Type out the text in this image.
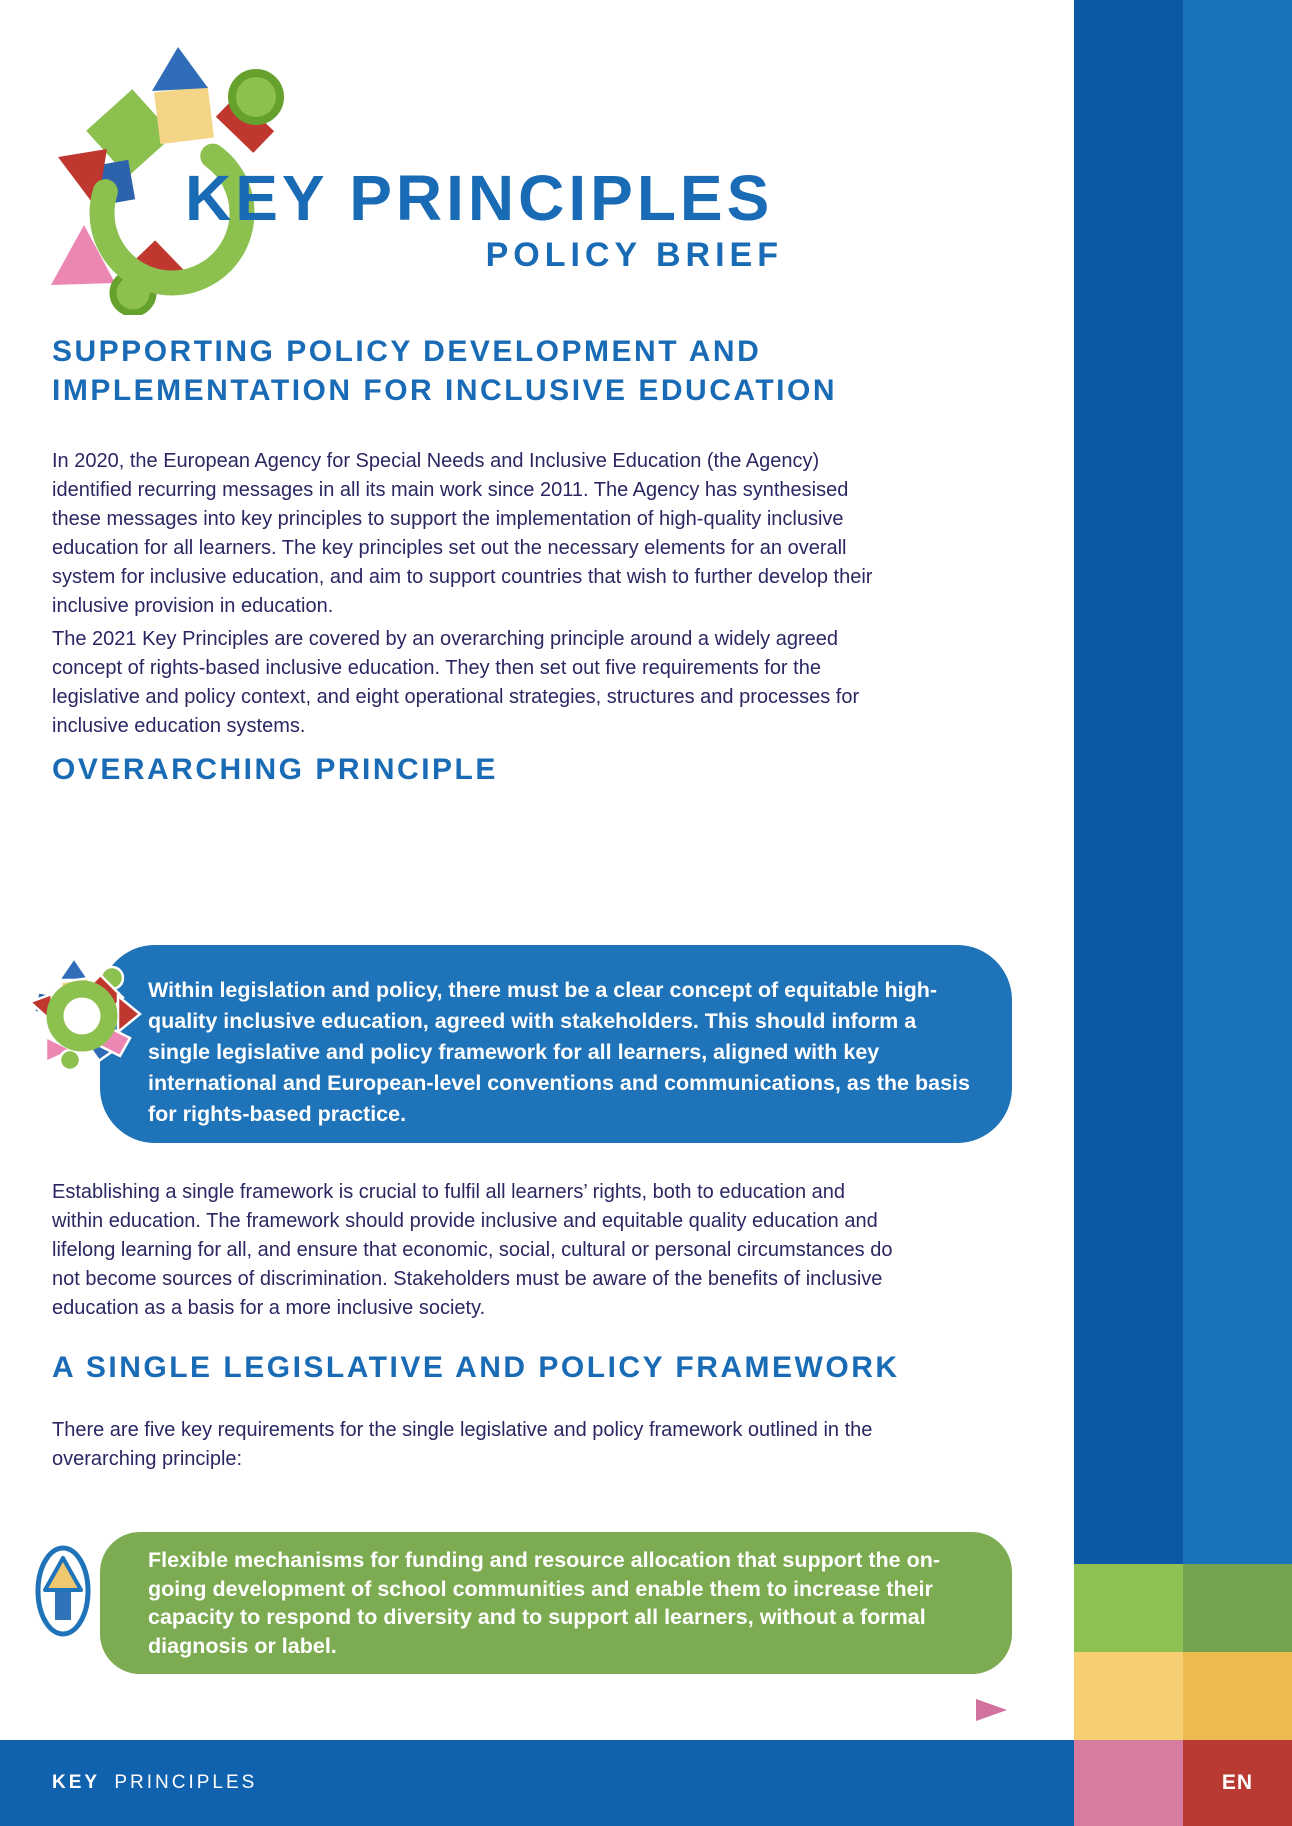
EN
KEY PRINCIPLES
POLICY BRIEF
SUPPORTING POLICY DEVELOPMENT AND IMPLEMENTATION FOR INCLUSIVE EDUCATION

In 2020, the European Agency for Special Needs and Inclusive Education (the Agency) identified recurring messages in all its main work since 2011. The Agency has synthesised these messages into key principles to support the implementation of high-quality inclusive education for all learners. The key principles set out the necessary elements for an overall system for inclusive education, and aim to support countries that wish to further develop their inclusive provision in education.

The 2021 Key Principles are covered by an overarching principle around a widely agreed concept of rights-based inclusive education. They then set out five requirements for the legislative and policy context, and eight operational strategies, structures and processes for inclusive education systems.

OVERARCHING PRINCIPLE
Within legislation and policy, there must be a clear concept of equitable high-quality inclusive education, agreed with stakeholders. This should inform a single legislative and policy framework for all learners, aligned with key international and European-level conventions and communications, as the basis for rights-based practice.

Establishing a single framework is crucial to fulfil all learners’ rights, both to education and within education. The framework should provide inclusive and equitable quality education and lifelong learning for all, and ensure that economic, social, cultural or personal circumstances do not become sources of discrimination. Stakeholders must be aware of the benefits of inclusive education as a basis for a more inclusive society.

A SINGLE LEGISLATIVE AND POLICY FRAMEWORK

There are five key requirements for the single legislative and policy framework outlined in the overarching principle:

Flexible mechanisms for funding and resource allocation that support the on-going development of school communities and enable them to increase their capacity to respond to diversity and to support all learners, without a formal diagnosis or label.
KEY PRINCIPLES
